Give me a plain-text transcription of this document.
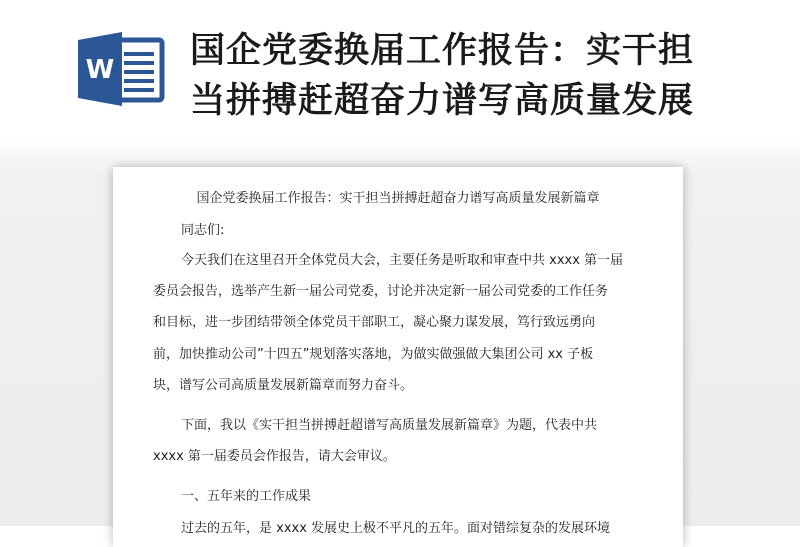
W 国企党委换届工作报告：实干担
当拼搏赶超奋力谱写高质量发展
国企党委换届工作报告：实干担当拼搏赶超奋力谱写高质量发展新篇章
同志们:
今天我们在这里召开全体党员大会，主要任务是听取和审查中共 xxxx 第一届
委员会报告，选举产生新一届公司党委，讨论并决定新一届公司党委的工作任务
和目标，进一步团结带领全体党员干部职工，凝心聚力谋发展，笃行致远勇向
前，加快推动公司”十四五”规划落实落地，为做实做强做大集团公司 xx 子板
块，谱写公司高质量发展新篇章而努力奋斗。
下面，我以《实干担当拼搏赶超谱写高质量发展新篇章》为题，代表中共
xxxx 第一届委员会作报告，请大会审议。
一、五年来的工作成果
过去的五年，是 xxxx 发展史上极不平凡的五年。面对错综复杂的发展环境
